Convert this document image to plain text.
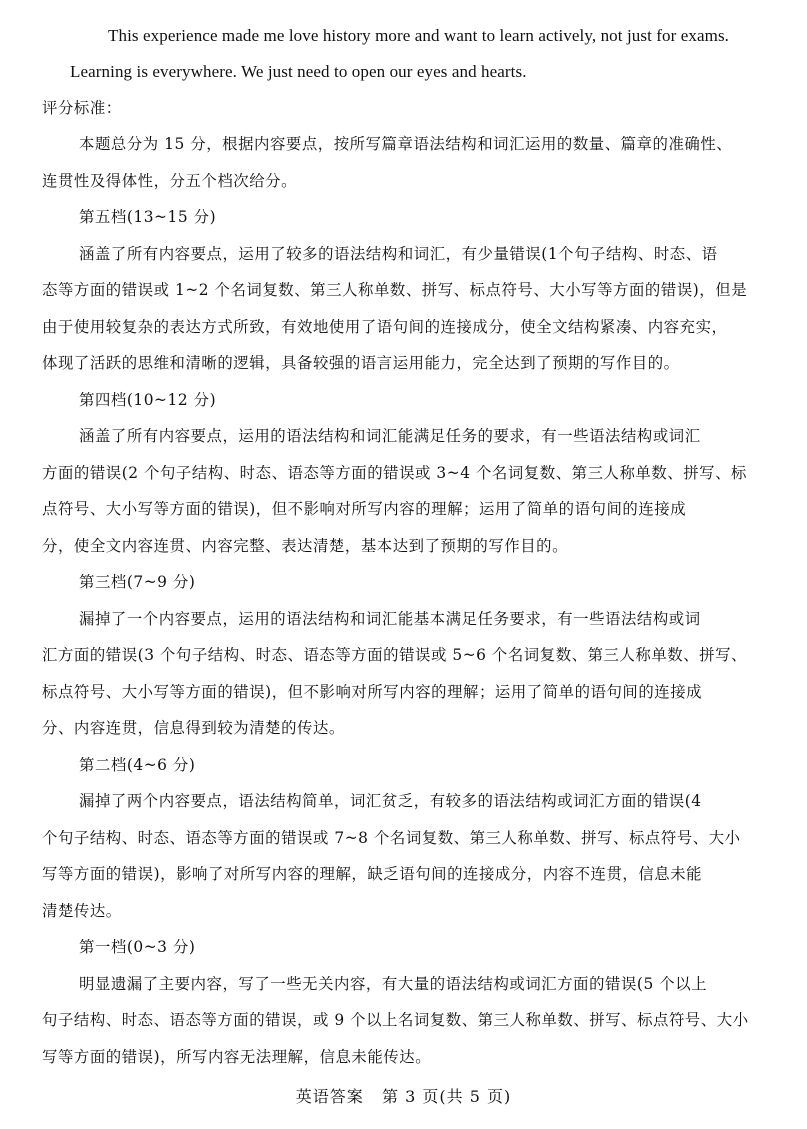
This experience made me love history more and want to learn actively, not just for exams.
Learning is everywhere. We just need to open our eyes and hearts.
评分标准：
本题总分为 15 分，根据内容要点，按所写篇章语法结构和词汇运用的数量、篇章的准确性、
连贯性及得体性，分五个档次给分。
第五档(13~15 分)
涵盖了所有内容要点，运用了较多的语法结构和词汇，有少量错误(1个句子结构、时态、语
态等方面的错误或 1~2 个名词复数、第三人称单数、拼写、标点符号、大小写等方面的错误)，但是
由于使用较复杂的表达方式所致，有效地使用了语句间的连接成分，使全文结构紧凑、内容充实，
体现了活跃的思维和清晰的逻辑，具备较强的语言运用能力，完全达到了预期的写作目的。
第四档(10~12 分)
涵盖了所有内容要点，运用的语法结构和词汇能满足任务的要求，有一些语法结构或词汇
方面的错误(2 个句子结构、时态、语态等方面的错误或 3~4 个名词复数、第三人称单数、拼写、标
点符号、大小写等方面的错误)，但不影响对所写内容的理解；运用了简单的语句间的连接成
分，使全文内容连贯、内容完整、表达清楚，基本达到了预期的写作目的。
第三档(7~9 分)
漏掉了一个内容要点，运用的语法结构和词汇能基本满足任务要求，有一些语法结构或词
汇方面的错误(3 个句子结构、时态、语态等方面的错误或 5~6 个名词复数、第三人称单数、拼写、
标点符号、大小写等方面的错误)，但不影响对所写内容的理解；运用了简单的语句间的连接成
分、内容连贯，信息得到较为清楚的传达。
第二档(4~6 分)
漏掉了两个内容要点，语法结构简单，词汇贫乏，有较多的语法结构或词汇方面的错误(4
个句子结构、时态、语态等方面的错误或 7~8 个名词复数、第三人称单数、拼写、标点符号、大小
写等方面的错误)，影响了对所写内容的理解，缺乏语句间的连接成分，内容不连贯，信息未能
清楚传达。
第一档(0~3 分)
明显遗漏了主要内容，写了一些无关内容，有大量的语法结构或词汇方面的错误(5 个以上
句子结构、时态、语态等方面的错误，或 9 个以上名词复数、第三人称单数、拼写、标点符号、大小
写等方面的错误)，所写内容无法理解，信息未能传达。
英语答案   第 3 页(共 5 页)
